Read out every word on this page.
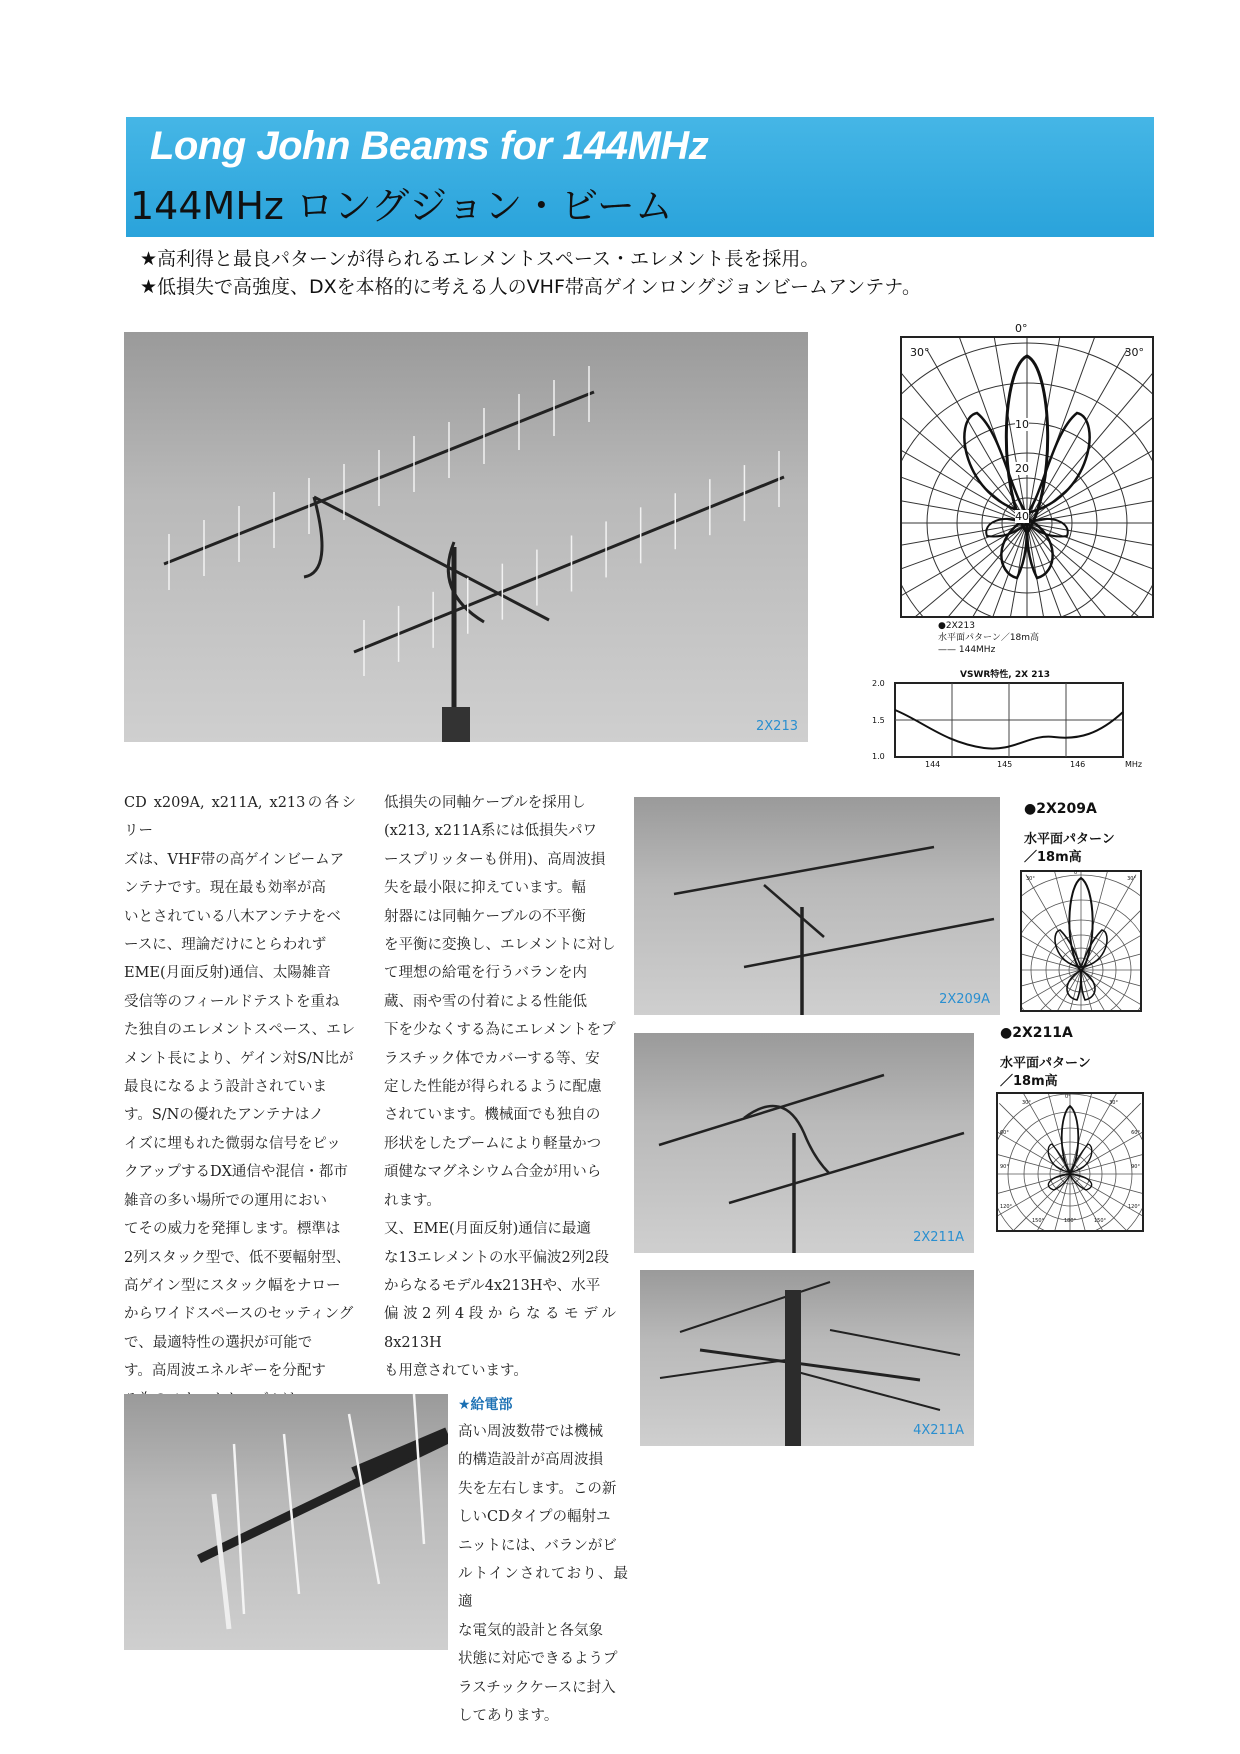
Long John Beams for 144MHz
144MHz ロングジョン・ビーム
★高利得と最良パターンが得られるエレメントスペース・エレメント長を採用。
★低損失で高強度、DXを本格的に考える人のVHF帯高ゲインロングジョンビームアンテナ。
2X213
30°	30°
10
20
40
0°
●2X213
水平面パターン／18m高
—— 144MHz
VSWR特性, 2X 213
2.0
1.5
1.0
144	145	146	MHz
CD x209A, x211A, x213の各シリー
ズは、VHF帯の高ゲインビームア
ンテナです。現在最も効率が高
いとされている八木アンテナをベ
ースに、理論だけにとらわれず
EME(月面反射)通信、太陽雑音
受信等のフィールドテストを重ね
た独自のエレメントスペース、エレ
メント長により、ゲイン対S/N比が
最良になるよう設計されていま
す。S/Nの優れたアンテナはノ
イズに埋もれた微弱な信号をピッ
クアップするDX通信や混信・都市
雑音の多い場所での運用におい
てその威力を発揮します。標準は
2列スタック型で、低不要輻射型、
高ゲイン型にスタック幅をナロー
からワイドスペースのセッティング
で、最適特性の選択が可能で
す。高周波エネルギーを分配す
低損失の同軸ケーブルを採用し
(x213, x211A系には低損失パワ
ースプリッターも併用)、高周波損
失を最小限に抑えています。輻
射器には同軸ケーブルの不平衡
を平衡に変換し、エレメントに対し
て理想の給電を行うバランを内
蔵、雨や雪の付着による性能低
下を少なくする為にエレメントをプ
ラスチック体でカバーする等、安
定した性能が得られるように配慮
されています。機械面でも独自の
形状をしたブームにより軽量かつ
頑健なマグネシウム合金が用いら
れます。
又、EME(月面反射)通信に最適
な13エレメントの水平偏波2列2段
からなるモデル4x213Hや、水平
偏波2列4段からなるモデル8x213H
も用意されています。
2X209A
2X211A
4X211A
●2X209A
水平面パターン
／18m高
0°
30°	30°
●2X211A
水平面パターン
／18m高
0°
30°	30°
60°	60°
90°	90°
120°	120°
150°	180°	150°
★給電部
高い周波数帯では機械
的構造設計が高周波損
失を左右します。この新
しいCDタイプの輻射ユ
ニットには、バランがビ
ルトインされており、最適
な電気的設計と各気象
状態に対応できるようプ
ラスチックケースに封入
してあります。
